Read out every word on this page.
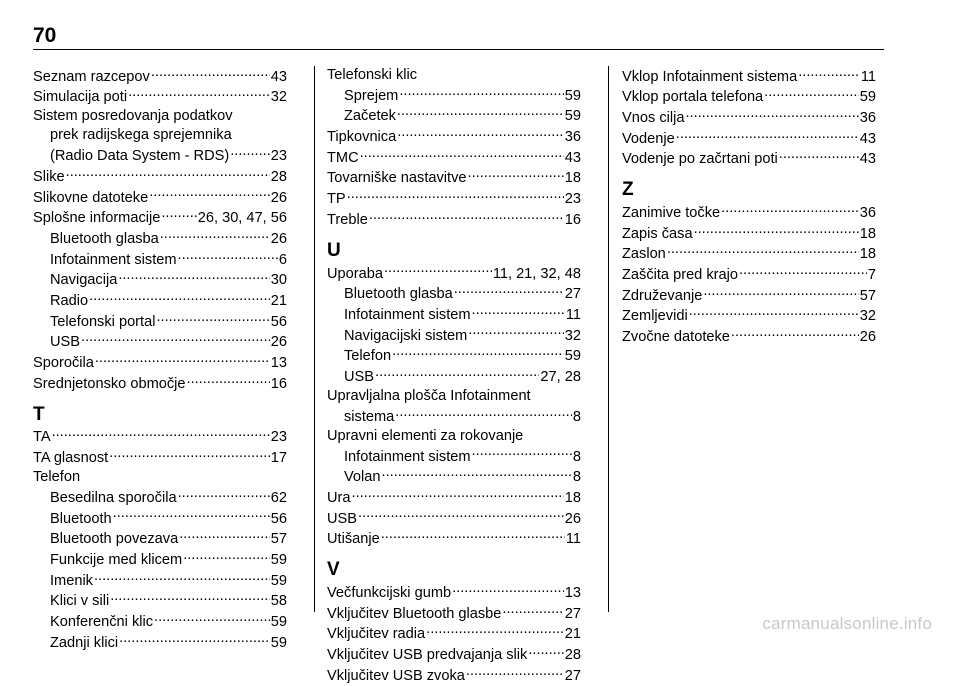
70
Seznam razcepov .....	43
Simulacija poti .....	32
Sistem posredovanja podatkov
prek radijskega sprejemnika
(Radio Data System - RDS) .....	23
Slike .....	28
Slikovne datoteke .....	26
Splošne informacije .....	26, 30, 47, 56
Bluetooth glasba .....	26
Infotainment sistem .....	6
Navigacija .....	30
Radio .....	21
Telefonski portal .....	56
USB .....	26
Sporočila .....	13
Srednjetonsko območje .....	16
T
TA .....	23
TA glasnost .....	17
Telefon
Besedilna sporočila .....	62
Bluetooth .....	56
Bluetooth povezava .....	57
Funkcije med klicem .....	59
Imenik .....	59
Klici v sili .....	58
Konferenčni klic .....	59
Zadnji klici .....	59
Telefonski klic
Sprejem .....	59
Začetek .....	59
Tipkovnica .....	36
TMC .....	43
Tovarniške nastavitve .....	18
TP .....	23
Treble .....	16
U
Uporaba .....	11, 21, 32, 48
Bluetooth glasba .....	27
Infotainment sistem .....	11
Navigacijski sistem .....	32
Telefon .....	59
USB .....	27, 28
Upravljalna plošča Infotainment
sistema .....	8
Upravni elementi za rokovanje
Infotainment sistem .....	8
Volan .....	8
Ura .....	18
USB .....	26
Utišanje .....	11
V
Večfunkcijski gumb .....	13
Vključitev Bluetooth glasbe .....	27
Vključitev radia .....	21
Vključitev USB predvajanja slik .....	28
Vključitev USB zvoka .....	27
Vklop Infotainment sistema .....	11
Vklop portala telefona .....	59
Vnos cilja .....	36
Vodenje .....	43
Vodenje po začrtani poti .....	43
Z
Zanimive točke .....	36
Zapis časa .....	18
Zaslon .....	18
Zaščita pred krajo .....	7
Združevanje .....	57
Zemljevidi .....	32
Zvočne datoteke .....	26
carmanualsonline.info
